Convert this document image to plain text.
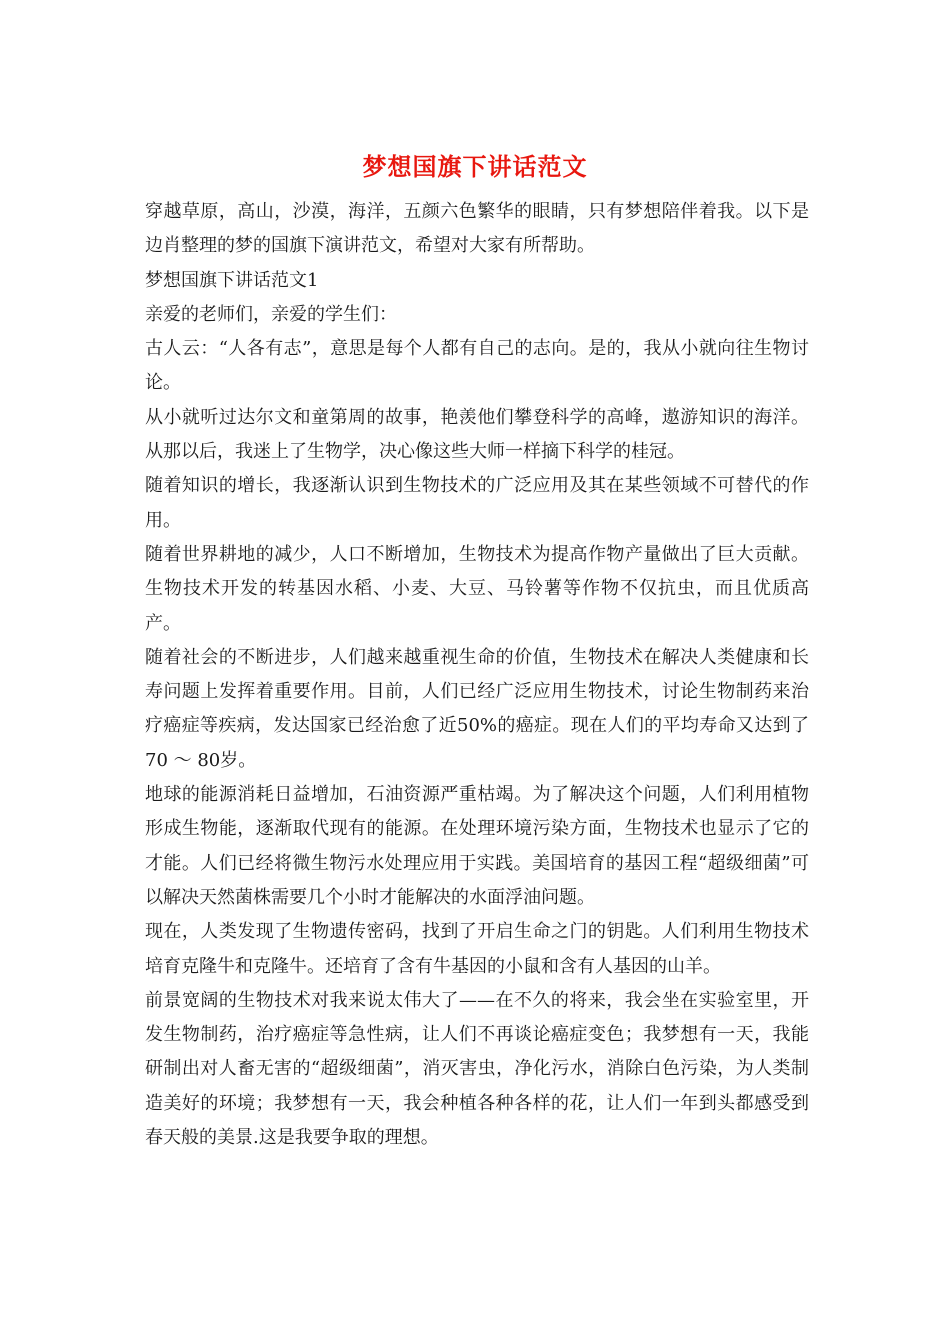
梦想国旗下讲话范文

穿越草原，高山，沙漠，海洋，五颜六色繁华的眼睛，只有梦想陪伴着我。以下是边肖整理的梦的国旗下演讲范文，希望对大家有所帮助。

梦想国旗下讲话范文1

亲爱的老师们，亲爱的学生们：

古人云：“人各有志”，意思是每个人都有自己的志向。是的，我从小就向往生物讨论。

从小就听过达尔文和童第周的故事，艳羡他们攀登科学的高峰，遨游知识的海洋。从那以后，我迷上了生物学，决心像这些大师一样摘下科学的桂冠。

随着知识的增长，我逐渐认识到生物技术的广泛应用及其在某些领域不可替代的作用。

随着世界耕地的减少，人口不断增加，生物技术为提高作物产量做出了巨大贡献。生物技术开发的转基因水稻、小麦、大豆、马铃薯等作物不仅抗虫，而且优质高产。

随着社会的不断进步，人们越来越重视生命的价值，生物技术在解决人类健康和长寿问题上发挥着重要作用。目前，人们已经广泛应用生物技术，讨论生物制药来治疗癌症等疾病，发达国家已经治愈了近50%的癌症。现在人们的平均寿命又达到了70 ～ 80岁。

地球的能源消耗日益增加，石油资源严重枯竭。为了解决这个问题，人们利用植物形成生物能，逐渐取代现有的能源。在处理环境污染方面，生物技术也显示了它的才能。人们已经将微生物污水处理应用于实践。美国培育的基因工程“超级细菌”可以解决天然菌株需要几个小时才能解决的水面浮油问题。

现在，人类发现了生物遗传密码，找到了开启生命之门的钥匙。人们利用生物技术培育克隆牛和克隆牛。还培育了含有牛基因的小鼠和含有人基因的山羊。

前景宽阔的生物技术对我来说太伟大了——在不久的将来，我会坐在实验室里，开发生物制药，治疗癌症等急性病，让人们不再谈论癌症变色；我梦想有一天，我能研制出对人畜无害的“超级细菌”，消灭害虫，净化污水，消除白色污染，为人类制造美好的环境；我梦想有一天，我会种植各种各样的花，让人们一年到头都感受到春天般的美景.这是我要争取的理想。
